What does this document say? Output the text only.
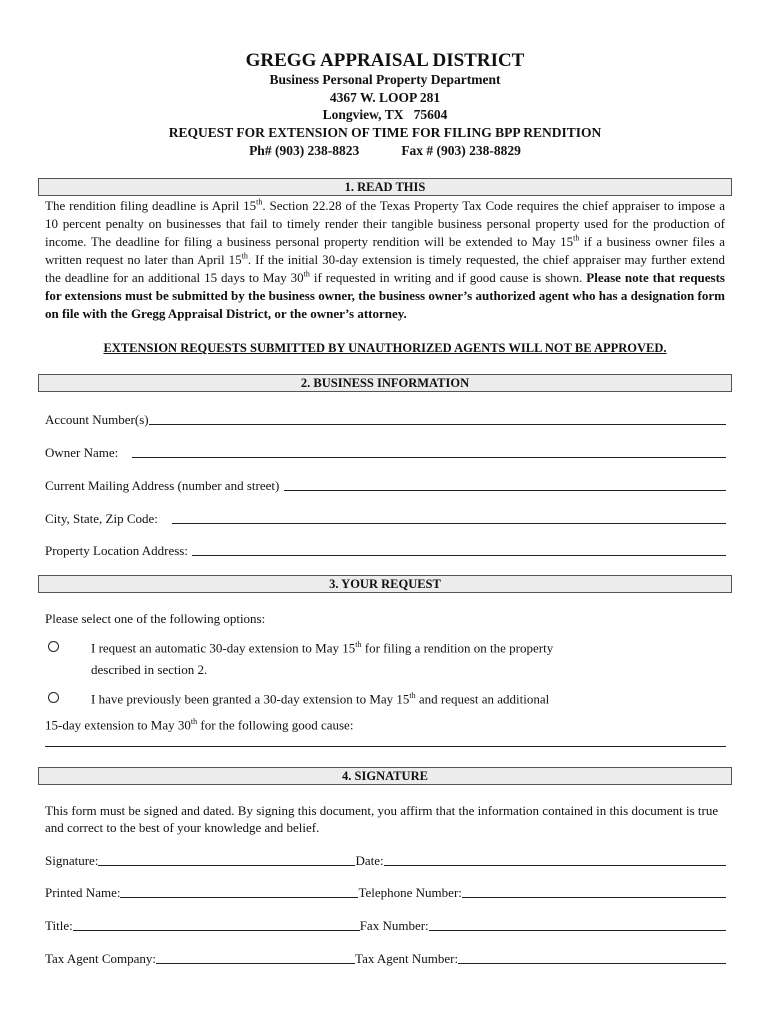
GREGG APPRAISAL DISTRICT
Business Personal Property Department
4367 W. LOOP 281
Longview, TX   75604
REQUEST FOR EXTENSION OF TIME FOR FILING BPP RENDITION
Ph# (903) 238-8823	Fax # (903) 238-8829
1. READ THIS
The rendition filing deadline is April 15th. Section 22.28 of the Texas Property Tax Code requires the chief appraiser to impose a 10 percent penalty on businesses that fail to timely render their tangible business personal property used for the production of income. The deadline for filing a business personal property rendition will be extended to May 15th if a business owner files a written request no later than April 15th. If the initial 30-day extension is timely requested, the chief appraiser may further extend the deadline for an additional 15 days to May 30th if requested in writing and if good cause is shown. Please note that requests for extensions must be submitted by the business owner, the business owner’s authorized agent who has a designation form on file with the Gregg Appraisal District, or the owner’s attorney.
EXTENSION REQUESTS SUBMITTED BY UNAUTHORIZED AGENTS WILL NOT BE APPROVED.
2. BUSINESS INFORMATION
Account Number(s)
Owner Name:
Current Mailing Address (number and street)
City, State, Zip Code:
Property Location Address:
3. YOUR REQUEST
Please select one of the following options:
I request an automatic 30-day extension to May 15th for filing a rendition on the property
described in section 2.
I have previously been granted a 30-day extension to May 15th and request an additional
15-day extension to May 30th for the following good cause:
4. SIGNATURE
This form must be signed and dated. By signing this document, you affirm that the information contained in this document is true and correct to the best of your knowledge and belief.
Signature:	Date:
Printed Name:	Telephone Number:
Title:	Fax Number:
Tax Agent Company:	Tax Agent Number:
